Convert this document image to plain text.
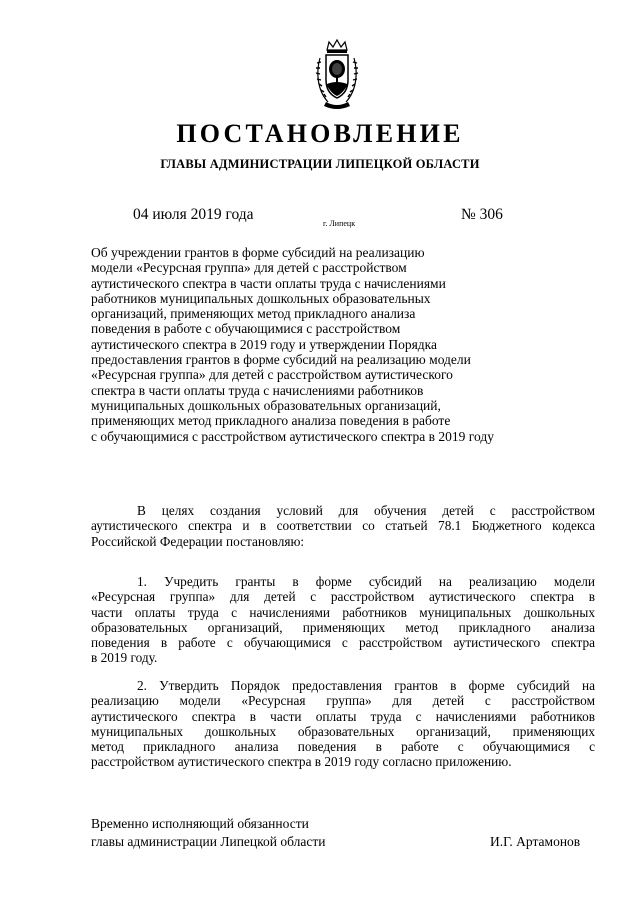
ПОСТАНОВЛЕНИЕ
ГЛАВЫ АДМИНИСТРАЦИИ ЛИПЕЦКОЙ ОБЛАСТИ
04 июля 2019 года
г. Липецк
№ 306
Об учреждении грантов в форме субсидий на реализацию
модели «Ресурсная группа» для детей с расстройством
аутистического спектра в части оплаты труда с начислениями
работников муниципальных дошкольных образовательных
организаций, применяющих метод прикладного анализа
поведения в работе с обучающимися с расстройством
аутистического спектра в 2019 году и утверждении Порядка
предоставления грантов в форме субсидий на реализацию модели
«Ресурсная группа» для детей с расстройством аутистического
спектра в части оплаты труда с начислениями работников
муниципальных дошкольных образовательных организаций,
применяющих метод прикладного анализа поведения в работе
с обучающимися с расстройством аутистического спектра в 2019 году
В целях создания условий для обучения детей с расстройством
аутистического спектра и в соответствии со статьей 78.1 Бюджетного кодекса
Российской Федерации постановляю:
1. Учредить гранты в форме субсидий на реализацию модели
«Ресурсная группа» для детей с расстройством аутистического спектра в
части оплаты труда с начислениями работников муниципальных дошкольных
образовательных организаций, применяющих метод прикладного анализа
поведения в работе с обучающимися с расстройством аутистического спектра
в 2019 году.
2. Утвердить Порядок предоставления грантов в форме субсидий на
реализацию модели «Ресурсная группа» для детей с расстройством
аутистического спектра в части оплаты труда с начислениями работников
муниципальных дошкольных образовательных организаций, применяющих
метод прикладного анализа поведения в работе с обучающимися с
расстройством аутистического спектра в 2019 году согласно приложению.
Временно исполняющий обязанности
главы администрации Липецкой области	И.Г. Артамонов
